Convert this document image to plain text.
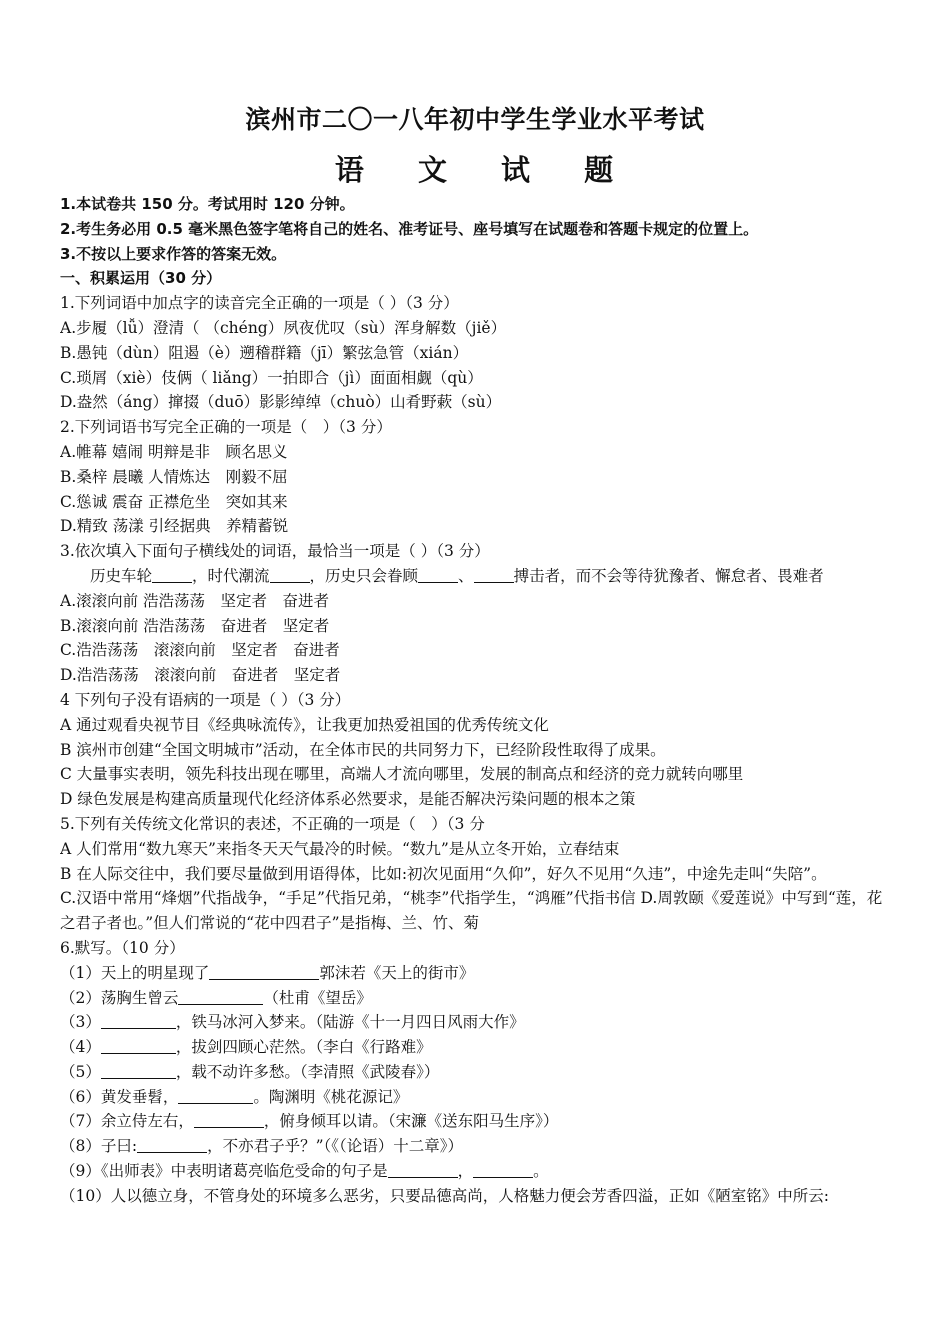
滨州市二〇一八年初中学生学业水平考试
语 文 试 题
1.本试卷共 150 分。考试用时 120 分钟。
2.考生务必用 0.5 毫米黑色签字笔将自己的姓名、准考证号、座号填写在试题卷和答题卡规定的位置上。
3.不按以上要求作答的答案无效。
一、积累运用（30 分）
1.下列词语中加点字的读音完全正确的一项是（ ）（3 分）
A.步履（lǚ）澄清（ （chéng）夙夜优叹（sù）浑身解数（jiě）
B.愚钝（dùn）阻遏（è）遡稽群籍（jī）繁弦急管（xián）
C.琐屑（xiè）伎俩（ liǎng）一拍即合（jì）面面相觑（qù）
D.盎然（áng）撺掇（duō）影影绰绰（chuò）山肴野蔌（sù）
2.下列词语书写完全正确的一项是（　）（3 分）
A.帷幕 嬉闹 明辩是非　顾名思义
B.桑梓 晨曦 人情炼达　刚毅不屈
C.慫诚 震奋 正襟危坐　突如其来
D.精致 荡漾 引经据典　养精蓄锐
3.依次填入下面句子横线处的词语，最恰当一项是（ ）（3 分）
历史车轮	，时代潮流	，历史只会眷顾	、	搏击者，而不会等待犹豫者、懈怠者、畏难者
A.滚滚向前 浩浩荡荡　坚定者　奋进者
B.滚滚向前 浩浩荡荡　奋进者　坚定者
C.浩浩荡荡　滚滚向前　坚定者　奋进者
D.浩浩荡荡　滚滚向前　奋进者　坚定者
4 下列句子没有语病的一项是（ ）（3 分）
A 通过观看央视节目《经典咏流传》，让我更加热爱祖国的优秀传统文化
B 滨州市创建“全国文明城市”活动，在全体市民的共同努力下，已经阶段性取得了成果。
C 大量事实表明，领先科技出现在哪里，高端人才流向哪里，发展的制高点和经济的竞力就转向哪里
D 绿色发展是构建高质量现代化经济体系必然要求，是能否解决污染问题的根本之策
5.下列有关传统文化常识的表述，不正确的一项是（　）（3 分
A 人们常用“数九寒天”来指冬天天气最冷的时候。“数九”是从立冬开始，立春结束
B 在人际交往中，我们要尽量做到用语得体，比如:初次见面用“久仰”，好久不见用“久违”，中途先走叫“失陪”。
C.汉语中常用“烽烟”代指战争，“手足”代指兄弟，“桃李”代指学生，“鸿雁”代指书信 D.周敦颐《爱莲说》中写到“莲，花之君子者也。”但人们常说的“花中四君子”是指梅、兰、竹、菊
6.默写。（10 分）
（1）天上的明星现了	郭沫若《天上的街市》
（2）荡胸生曾云	（杜甫《望岳》
（3）	，铁马冰河入梦来。（陆游《十一月四日风雨大作》
（4）	，拔剑四顾心茫然。（李白《行路难》
（5）	，载不动许多愁。（李清照《武陵春》）
（6）黄发垂髫，	。陶渊明《桃花源记》
（7）余立侍左右，	，俯身倾耳以请。（宋濂《送东阳马生序》）
（8）子曰:	，不亦君子乎？”（《（论语）十二章》）
（9）《出师表》中表明诸葛亮临危受命的句子是	，	。
（10）人以德立身，不管身处的环境多么恶劣，只要品德高尚，人格魅力便会芳香四溢，正如《陋室铭》中所云:
